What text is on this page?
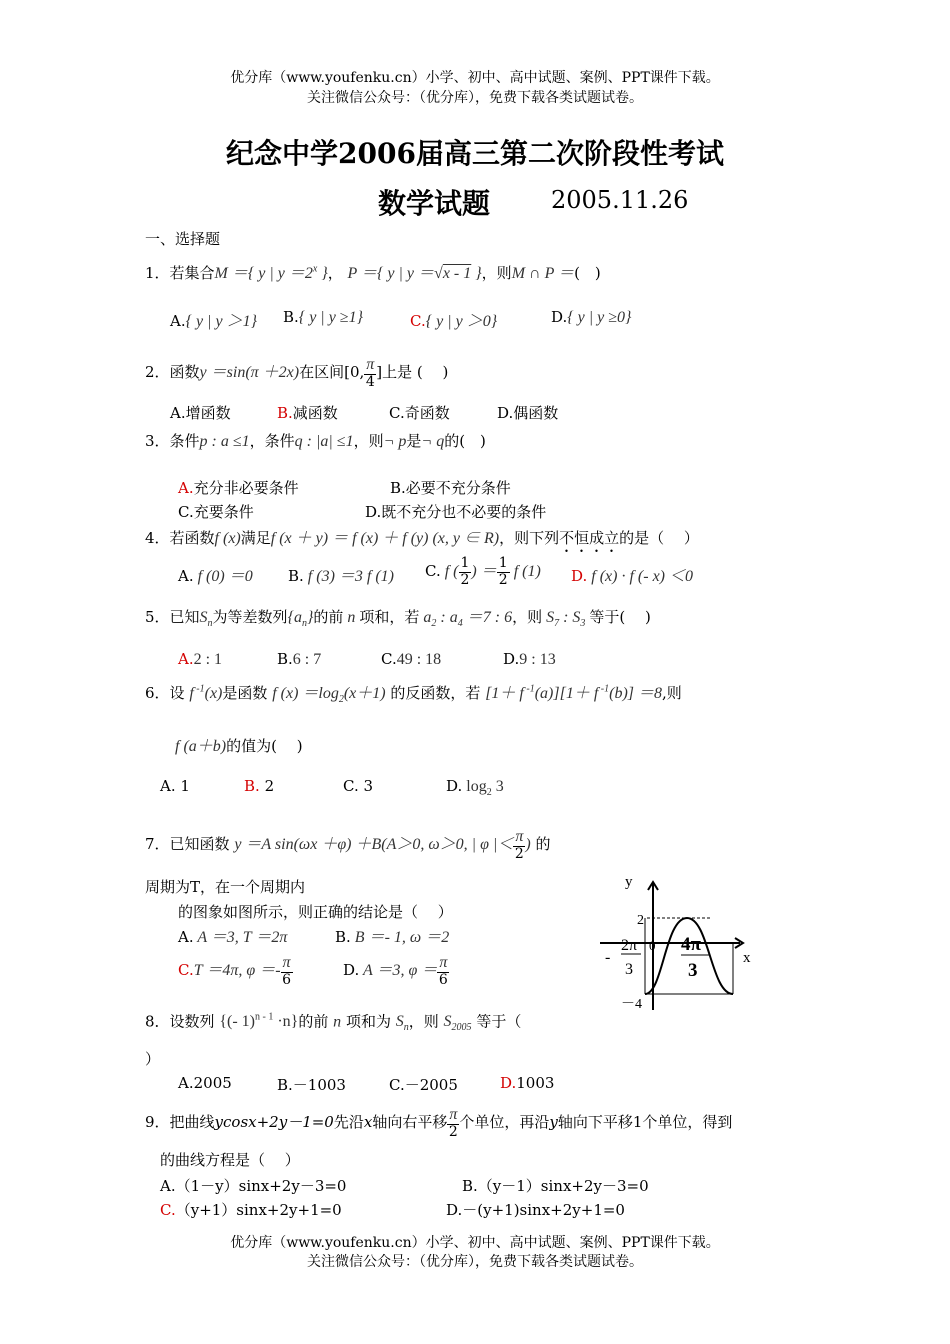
优分库（www.youfenku.cn）小学、初中、高中试题、案例、PPT课件下载。
关注微信公众号：（优分库），免费下载各类试题试卷。
纪念中学2006届高三第二次阶段性考试
数学试题	2005.11.26
一、选择题
1．若集合M ＝{ y | $y =2^x$ }， P ＝{ y | y ＝√x - 1 }，则M ∩ P ＝(　)
A.{ y | y ＞1} B.{ y | y ≥1}	C.{ y | y ＞0}	D.{ y | y ≥0}
2．函数y ＝sin(π ＋2x)在区间[0, $\frac{\pi}{4}$ ]上是 (　 )
A.增函数	B.减函数	C.奇函数	D.偶函数
3．条件p : a ≤1，条件q : |a| ≤1，则¬ p是¬ q的(　)
A.充分非必要条件	B.必要不充分条件
C.充要条件	D.既不充分也不必要的条件
4．若函数f (x)满足f (x ＋ y) ＝ f (x) ＋ f (y) (x, y ∈ R)，则下列不恒成立的是（　 ）
A. f (0) ＝0 B. f (3) ＝3 f (1) C. f ( $\frac{1}{2}$ ) ＝ $\frac{1}{2}$ f (1) D. f (x) · f (- x) ＜0
5．已知$S_n$为等差数列$\{a_n\}$的前 n 项和，若 $a_2$ : $a_4 =7$ : 6，则 $S_7$ : $S_3$ 等于(　 )
A.2 : 1	B.6 : 7	C.49 : 18	D.9 : 13
6．设 f $^{-1}$(x)是函数 f $(x) =\log_2(x+1)$ 的反函数，若 [1＋ f $^{-1}$(a)][1＋ f $^{-1}$(b)] ＝8,则
f (a＋b)的值为(　 )
A. 1	B. 2	C. 3	D. $\log_2 3$
7．已知函数 y ＝A sin(ωx ＋φ) ＋B(A＞0, ω＞0, | φ |＜ $\frac{\pi}{2}$ ) 的
周期为T，在一个周期内
的图象如图所示，则正确的结论是（　 ）
A. A ＝3, T ＝2π	B. B ＝- 1, ω ＝2
C.T ＝4π, $\varphi =- \frac{\pi}{6}$	D. A ＝3, $\varphi = \frac{\pi}{6}$
y
x
2
－4
-
2π
3
0 4π
3
8．设数列 {(- 1)$^{n - 1}$ ·n}的前 n 项和为 $S_n$，则 $S_{2005}$ 等于（
）
A.2005	B.－1003	C.－2005	D.1003
9．把曲线ycosx+2y－1=0先沿x轴向右平移 $\frac{\pi}{2}$ 个单位，再沿y轴向下平移1个单位，得到
的曲线方程是（　 ）
A.（1－y）sinx+2y－3=0	B.（y－1）sinx+2y－3=0
C.（y+1）sinx+2y+1=0	D.－(y+1)sinx+2y+1=0
优分库（www.youfenku.cn）小学、初中、高中试题、案例、PPT课件下载。
关注微信公众号：（优分库），免费下载各类试题试卷。
